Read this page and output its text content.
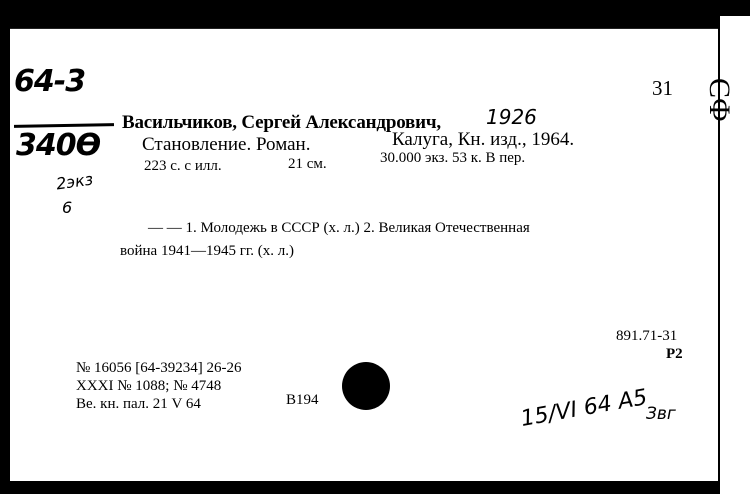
СФ
64-3
340Ө
2экз
6
31
Васильчиков, Сергей Александрович, 1926
Становление. Роман.	Калуга, Кн. изд., 1964.
223 с. с илл.	21 см.	30.000 экз. 53 к. В пер.
— — 1. Молодежь в СССР (х. л.) 2. Великая Отечественная
война 1941—1945 гг. (х. л.)
891.71-31
Р2
№ 16056 [64-39234] 26-26
XXXI № 1088; № 4748
Ве. кн. пал. 21 V 64	B194	15/VI 64 А5
Звг
